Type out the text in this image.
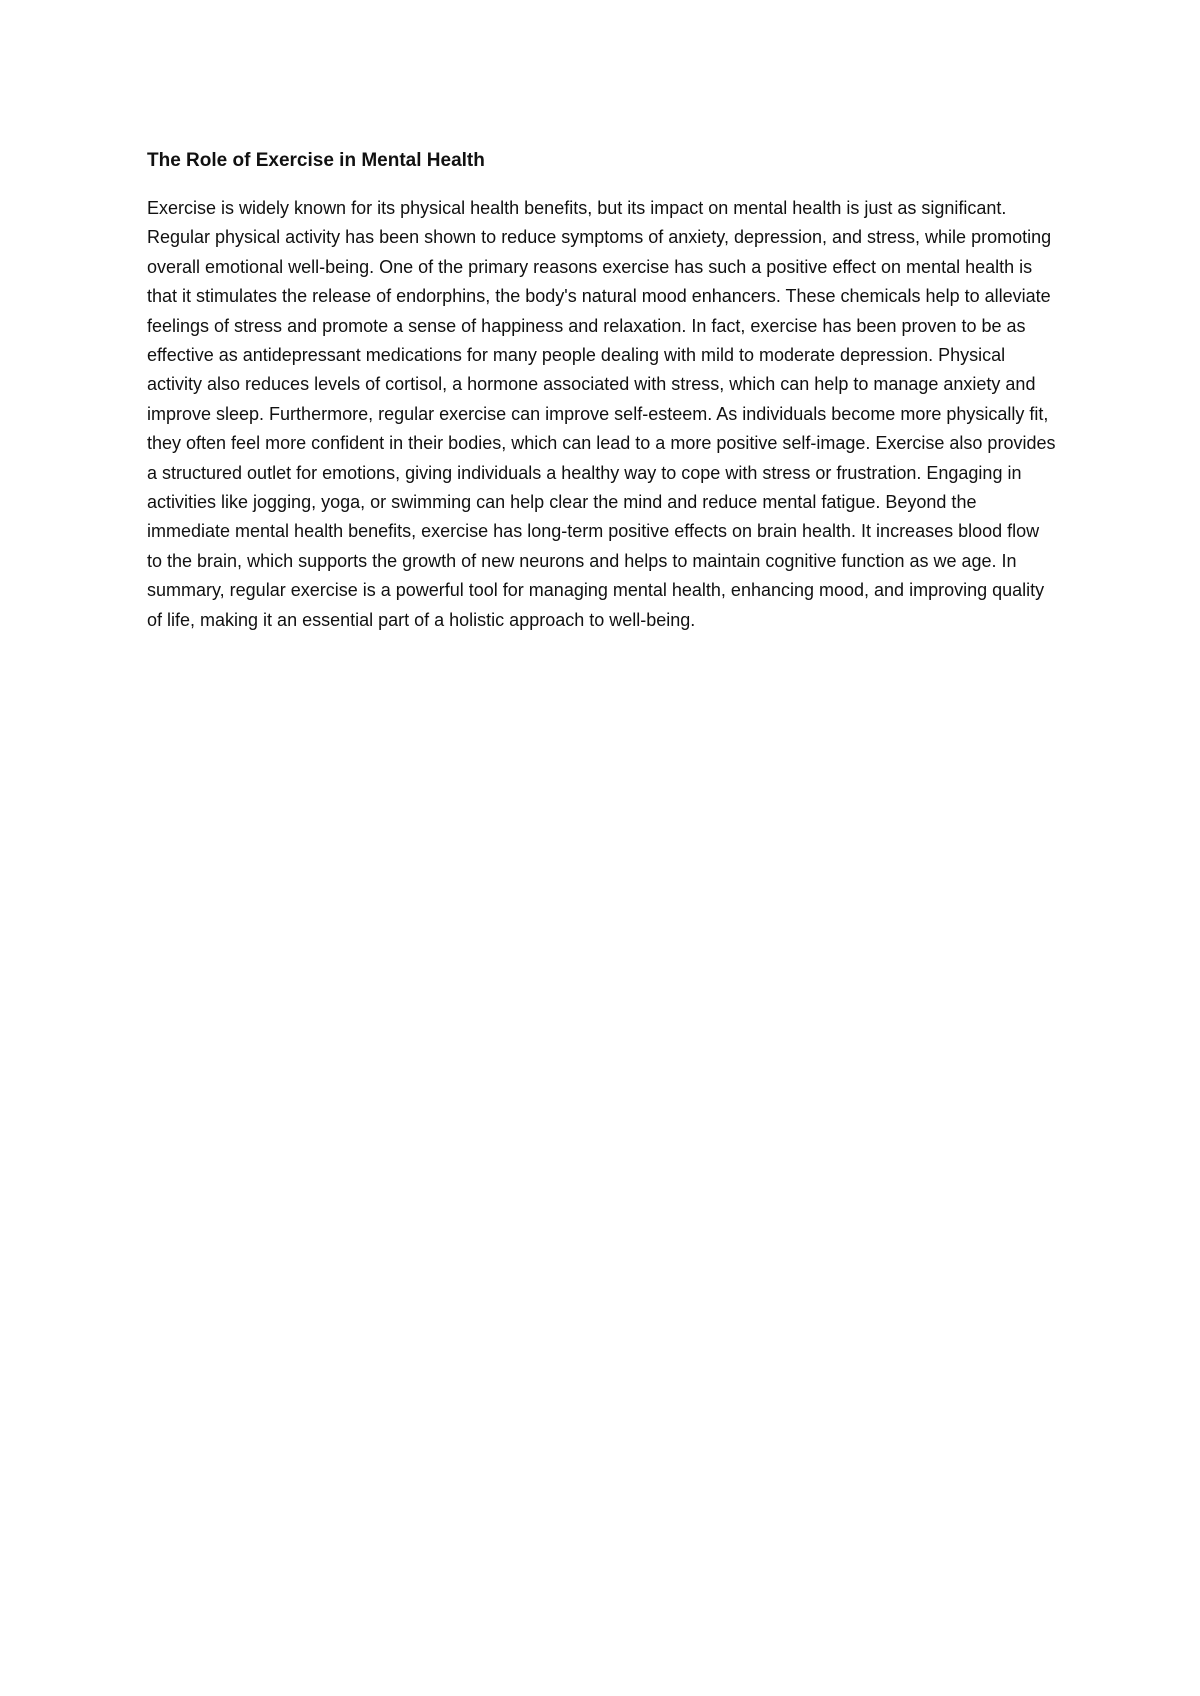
The Role of Exercise in Mental Health

Exercise is widely known for its physical health benefits, but its impact on mental health is just as significant. Regular physical activity has been shown to reduce symptoms of anxiety, depression, and stress, while promoting overall emotional well-being. One of the primary reasons exercise has such a positive effect on mental health is that it stimulates the release of endorphins, the body's natural mood enhancers. These chemicals help to alleviate feelings of stress and promote a sense of happiness and relaxation. In fact, exercise has been proven to be as effective as antidepressant medications for many people dealing with mild to moderate depression. Physical activity also reduces levels of cortisol, a hormone associated with stress, which can help to manage anxiety and improve sleep. Furthermore, regular exercise can improve self-esteem. As individuals become more physically fit, they often feel more confident in their bodies, which can lead to a more positive self-image. Exercise also provides a structured outlet for emotions, giving individuals a healthy way to cope with stress or frustration. Engaging in activities like jogging, yoga, or swimming can help clear the mind and reduce mental fatigue. Beyond the immediate mental health benefits, exercise has long-term positive effects on brain health. It increases blood flow to the brain, which supports the growth of new neurons and helps to maintain cognitive function as we age. In summary, regular exercise is a powerful tool for managing mental health, enhancing mood, and improving quality of life, making it an essential part of a holistic approach to well-being.
